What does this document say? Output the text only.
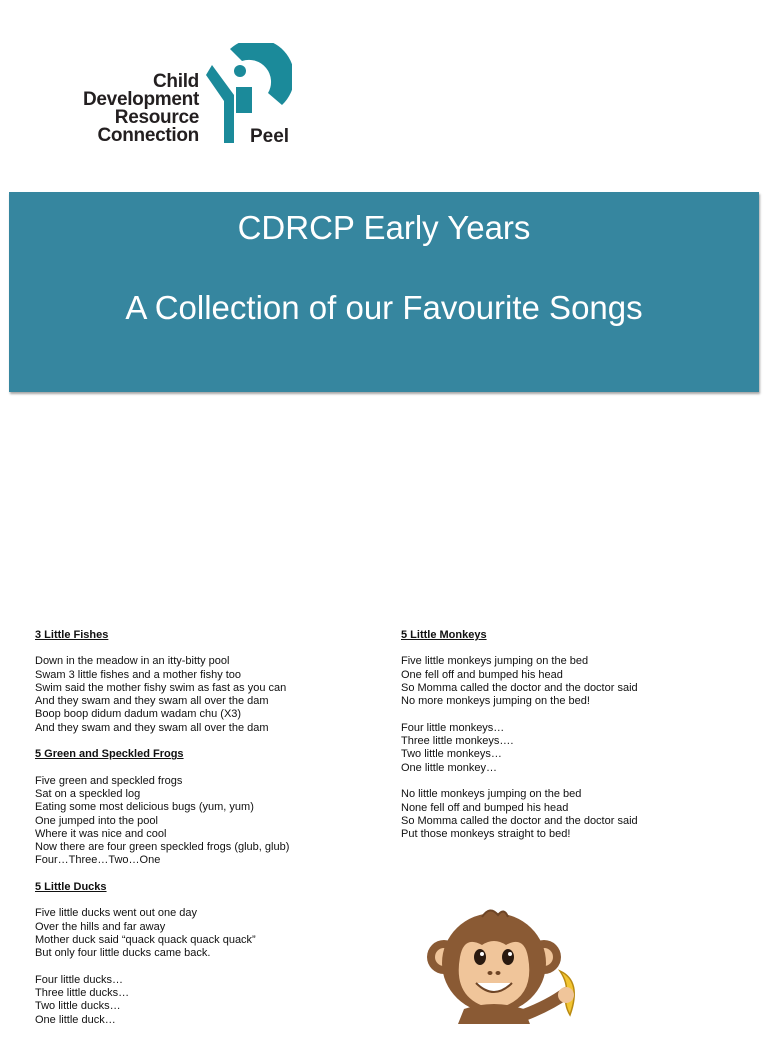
Child
Development
Resource
Connection	Peel
CDRCP Early Years
A Collection of our Favourite Songs
3 Little Fishes
Down in the meadow in an itty-bitty pool
Swam 3 little fishes and a mother fishy too
Swim said the mother fishy swim as fast as you can
And they swam and they swam all over the dam
Boop boop didum dadum wadam chu (X3)
And they swam and they swam all over the dam
5 Green and Speckled Frogs
Five green and speckled frogs
Sat on a speckled log
Eating some most delicious bugs (yum, yum)
One jumped into the pool
Where it was nice and cool
Now there are four green speckled frogs (glub, glub)
Four…Three…Two…One
5 Little Ducks
Five little ducks went out one day
Over the hills and far away
Mother duck said “quack quack quack quack”
But only four little ducks came back.
Four little ducks…
Three little ducks…
Two little ducks…
One little duck…
5 Little Monkeys
Five little monkeys jumping on the bed
One fell off and bumped his head
So Momma called the doctor and the doctor said
No more monkeys jumping on the bed!
Four little monkeys…
Three little monkeys….
Two little monkeys…
One little monkey…
No little monkeys jumping on the bed
None fell off and bumped his head
So Momma called the doctor and the doctor said
Put those monkeys straight to bed!
